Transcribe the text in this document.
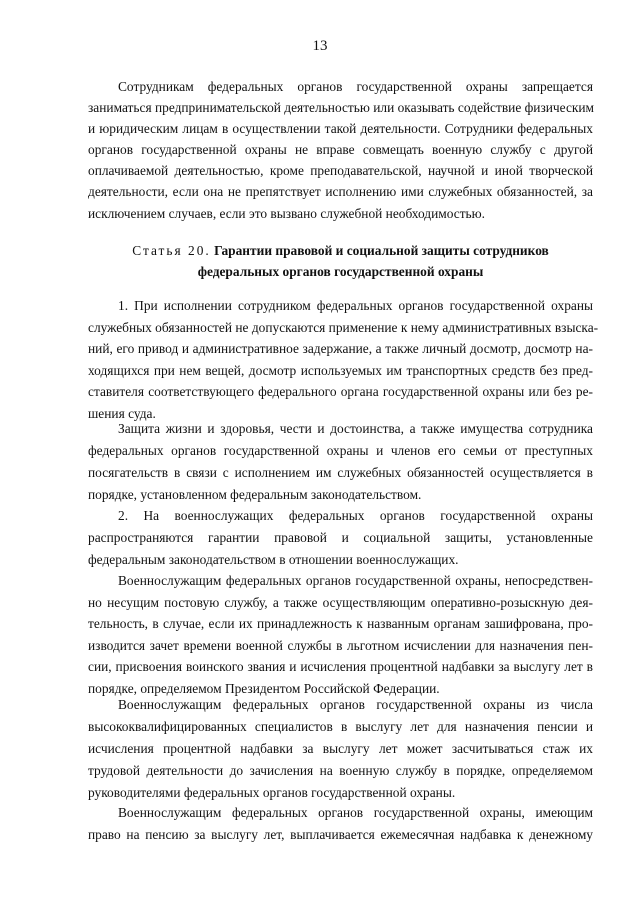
13
Сотрудникам федеральных органов государственной охраны запрещается
заниматься предпринимательской деятельностью или оказывать содействие физическим
и юридическим лицам в осуществлении такой деятельности. Сотрудники федеральных
органов государственной охраны не вправе совмещать военную службу с другой
оплачиваемой деятельностью, кроме преподавательской, научной и иной творческой
деятельности, если она не препятствует исполнению ими служебных обязанностей, за
исключением случаев, если это вызвано служебной необходимостью.
Статья 20. Гарантии правовой и социальной защиты сотрудников
федеральных органов государственной охраны
1. При исполнении сотрудником федеральных органов государственной охраны
служебных обязанностей не допускаются применение к нему административных взыска-
ний, его привод и административное задержание, а также личный досмотр, досмотр на-
ходящихся при нем вещей, досмотр используемых им транспортных средств без пред-
ставителя соответствующего федерального органа государственной охраны или без ре-
шения суда.
Защита жизни и здоровья, чести и достоинства, а также имущества сотрудника
федеральных органов государственной охраны и членов его семьи от преступных
посягательств в связи с исполнением им служебных обязанностей осуществляется в
порядке, установленном федеральным законодательством.
2. На военнослужащих федеральных органов государственной охраны
распространяются гарантии правовой и социальной защиты, установленные
федеральным законодательством в отношении военнослужащих.
Военнослужащим федеральных органов государственной охраны, непосредствен-
но несущим постовую службу, а также осуществляющим оперативно-розыскную дея-
тельность, в случае, если их принадлежность к названным органам зашифрована, про-
изводится зачет времени военной службы в льготном исчислении для назначения пен-
сии, присвоения воинского звания и исчисления процентной надбавки за выслугу лет в
порядке, определяемом Президентом Российской Федерации.
Военнослужащим федеральных органов государственной охраны из числа
высококвалифицированных специалистов в выслугу лет для назначения пенсии и
исчисления процентной надбавки за выслугу лет может засчитываться стаж их
трудовой деятельности до зачисления на военную службу в порядке, определяемом
руководителями федеральных органов государственной охраны.
Военнослужащим федеральных органов государственной охраны, имеющим
право на пенсию за выслугу лет, выплачивается ежемесячная надбавка к денежному
